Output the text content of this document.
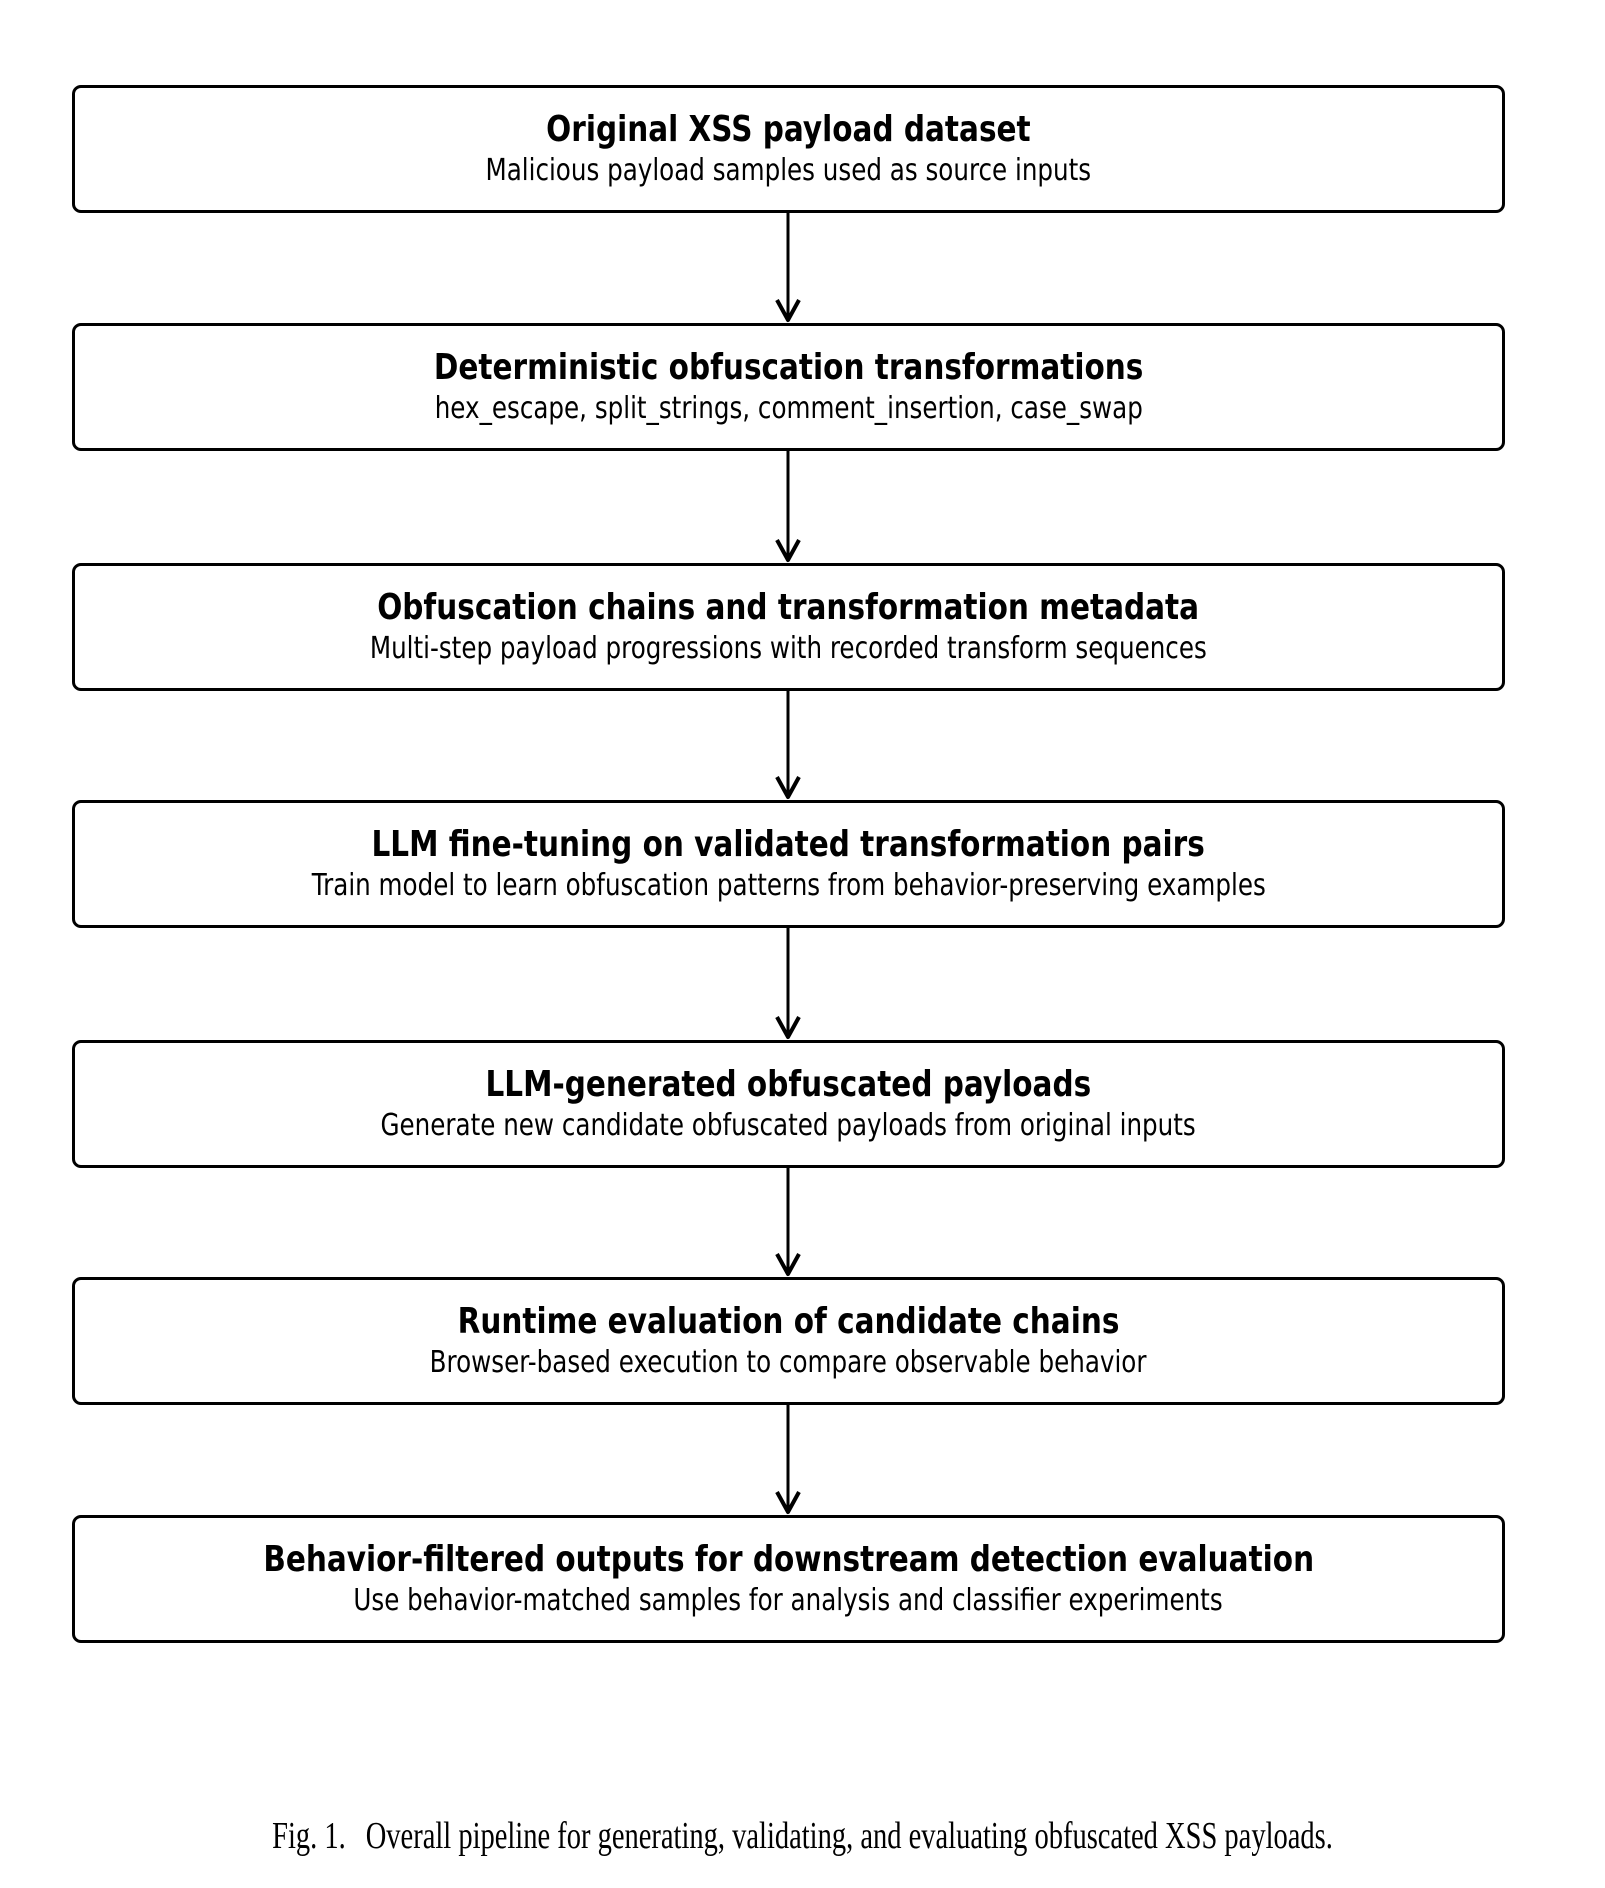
Original XSS payload dataset
Malicious payload samples used as source inputs
Deterministic obfuscation transformations
hex_escape, split_strings, comment_insertion, case_swap
Obfuscation chains and transformation metadata
Multi-step payload progressions with recorded transform sequences
LLM fine-tuning on validated transformation pairs
Train model to learn obfuscation patterns from behavior-preserving examples
LLM-generated obfuscated payloads
Generate new candidate obfuscated payloads from original inputs
Runtime evaluation of candidate chains
Browser-based execution to compare observable behavior
Behavior-filtered outputs for downstream detection evaluation
Use behavior-matched samples for analysis and classifier experiments
Fig. 1. Overall pipeline for generating, validating, and evaluating obfuscated XSS payloads.
